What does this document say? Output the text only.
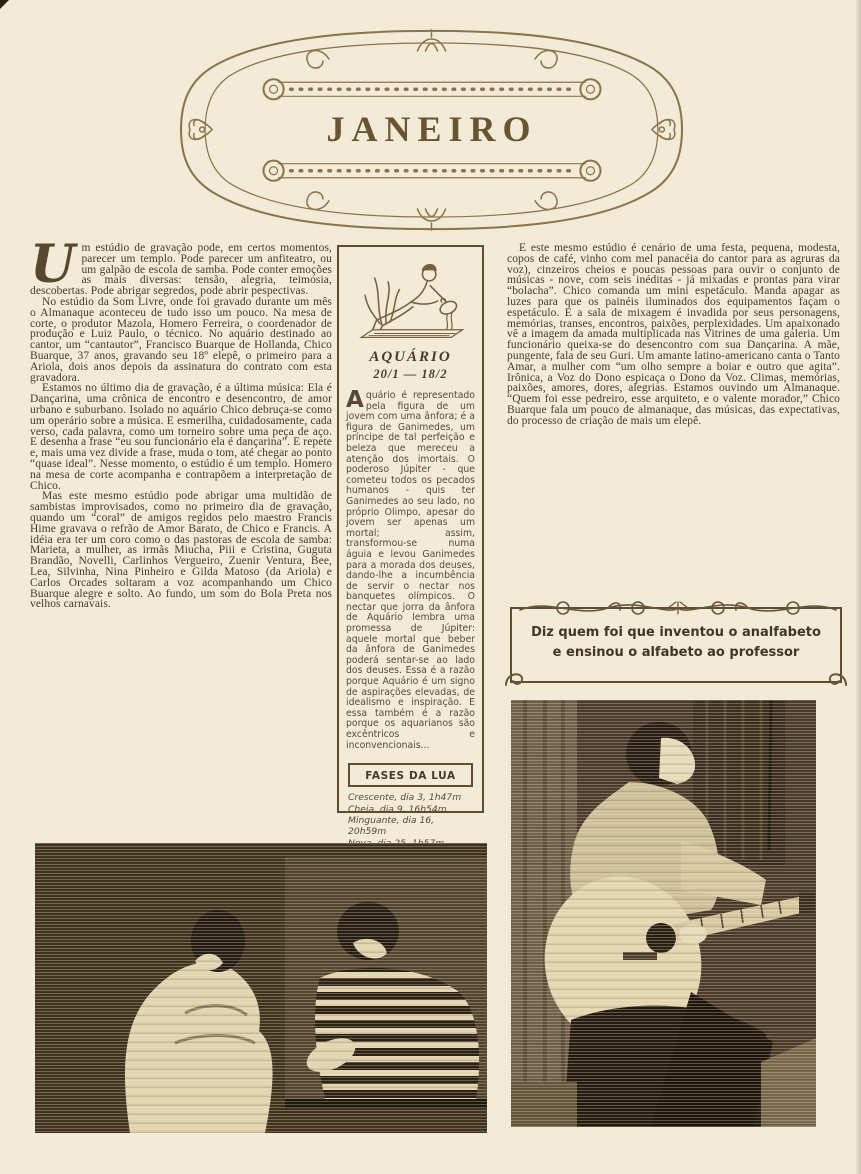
JANEIRO

Um estúdio de gravação pode, em certos momentos, parecer um templo. Pode parecer um anfiteatro, ou um galpão de escola de samba. Pode conter emoções as mais diversas: tensão, alegria, teimosia, descobertas. Pode abrigar segredos, pode abrir pespectivas.

No estúdio da Som Livre, onde foi gravado durante um mês o Almanaque aconteceu de tudo isso um pouco. Na mesa de corte, o produtor Mazola, Homero Ferreira, o coordenador de produção e Luiz Paulo, o técnico. No aquário destinado ao cantor, um “cantautor”, Francisco Buarque de Hollanda, Chico Buarque, 37 anos, gravando seu 18º elepê, o primeiro para a Ariola, dois anos depois da assinatura do contrato com esta gravadora.

Estamos no último dia de gravação, é a última música: Ela é Dançarina, uma crônica de encontro e desencontro, de amor urbano e suburbano. Isolado no aquário Chico debruça-se como um operário sobre a música. E esmerilha, cuidadosamente, cada verso, cada palavra, como um torneiro sobre uma peça de aço. E desenha a frase “eu sou funcionário ela é dançarina”. E repete e, mais uma vez divide a frase, muda o tom, até chegar ao ponto “quase ideal”. Nesse momento, o estúdio é um templo. Homero na mesa de corte acompanha e contrapõem a interpretação de Chico.

Mas este mesmo estúdio pode abrigar uma multidão de sambistas improvisados, como no primeiro dia de gravação, quando um “coral” de amigos regidos pelo maestro Francis Hime gravava o refrão de Amor Barato, de Chico e Francis. A idéia era ter um coro como o das pastoras de escola de samba: Marieta, a mulher, as irmãs Miucha, Piii e Cristina, Guguta Brandão, Novelli, Carlinhos Vergueiro, Zuenir Ventura, Bee, Lea, Silvinha, Nina Pinheiro e Gilda Matoso (da Ariola) e Carlos Orcades soltaram a voz acompanhando um Chico Buarque alegre e solto. Ao fundo, um som do Bola Preta nos velhos carnavais.

AQUÁRIO
20/1 — 18/2

Aquário é representado pela figura de um jovem com uma ânfora; é a figura de Ganimedes, um príncipe de tal perfeição e beleza que mereceu a atenção dos imortais. O poderoso Júpiter - que cometeu todos os pecados humanos - quis ter Ganimedes ao seu lado, no próprio Olimpo, apesar do jovem ser apenas um mortal; assim, transformou-se numa águia e levou Ganimedes para a morada dos deuses, dando-lhe a incumbência de servir o nectar nos banquetes olímpicos. O nectar que jorra da ânfora de Aquário lembra uma promessa de Júpiter: aquele mortal que beber da ânfora de Ganimedes poderá sentar-se ao lado dos deuses. Essa é a razão porque Aquário é um signo de aspirações elevadas, de idealismo e inspiração. E essa também é a razão porque os aquarianos são excêntricos e inconvencionais...

FASES DA LUA
Crescente, dia 3, 1h47m
Cheia, dia 9, 16h54m
Minguante, dia 16, 20h59m

E este mesmo estúdio é cenário de uma festa, pequena, modesta, copos de café, vinho com mel panacéia do cantor para as agruras da voz), cinzeiros cheios e poucas pessoas para ouvir o conjunto de músicas - nove, com seis inéditas - já mixadas e prontas para virar “bolacha”. Chico comanda um mini espetáculo. Manda apagar as luzes para que os painéis iluminados dos equipamentos façam o espetáculo. E a sala de mixagem é invadida por seus personagens, memórias, transes, encontros, paixões, perplexidades. Um apaixonado vê a imagem da amada multiplicada nas Vitrines de uma galeria. Um funcionário queixa-se do desencontro com sua Dançarina. A mãe, pungente, fala de seu Guri. Um amante latino-americano canta o Tanto Amar, a mulher com “um olho sempre a boiar e outro que agita”. Irônica, a Voz do Dono espicaça o Dono da Voz. Climas, memórias, paixões, amores, dores, alegrias. Estamos ouvindo um Almanaque. “Quem foi esse pedreiro, esse arquiteto, e o valente morador,” Chico Buarque fala um pouco de almanaque, das músicas, das expectativas, do processo de criação de mais um elepê.

Diz quem foi que inventou o analfabeto
e ensinou o alfabeto ao professor
